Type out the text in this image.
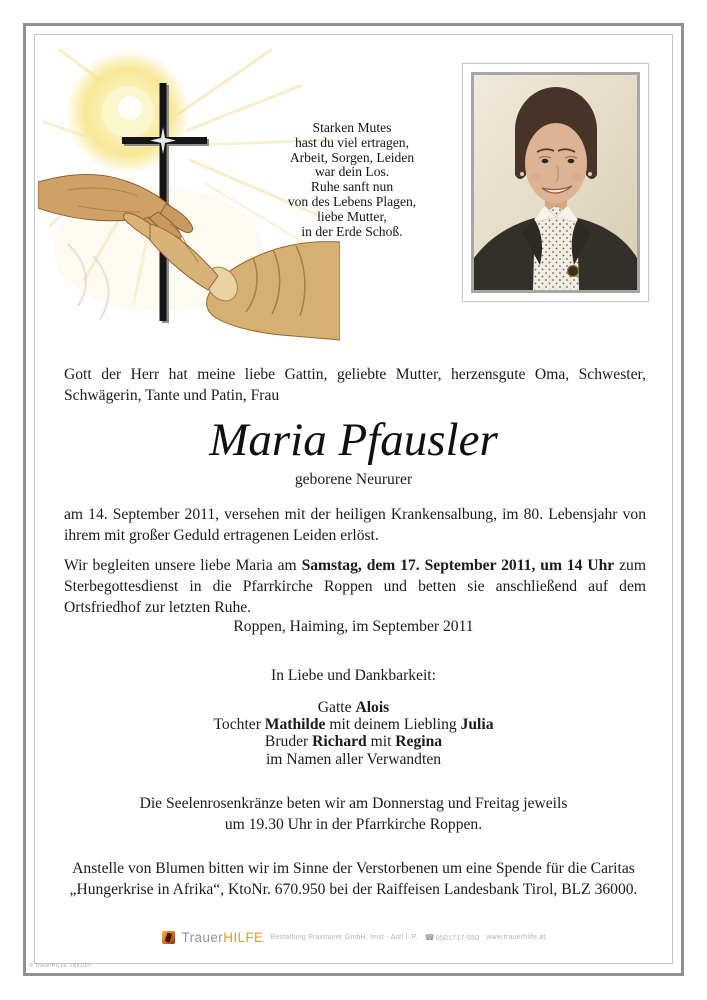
Starken Mutes
hast du viel ertragen,
Arbeit, Sorgen, Leiden
war dein Los.
Ruhe sanft nun
von des Lebens Plagen,
liebe Mutter,
in der Erde Schoß.

Gott der Herr hat meine liebe Gattin, geliebte Mutter, herzensgute Oma, Schwester, Schwägerin, Tante und Patin, Frau

Maria Pfausler
geborene Neururer

am 14. September 2011, versehen mit der heiligen Krankensalbung, im 80. Lebensjahr von ihrem mit großer Geduld ertragenen Leiden erlöst.

Wir begleiten unsere liebe Maria am Samstag, dem 17. September 2011, um 14 Uhr zum Sterbegottesdienst in die Pfarrkirche Roppen und betten sie anschließend auf dem Ortsfriedhof zur letzten Ruhe.

Roppen, Haiming, im September 2011
In Liebe und Dankbarkeit:
Gatte Alois
Tochter Mathilde mit deinem Liebling Julia
Bruder Richard mit Regina
im Namen aller Verwandten
Die Seelenrosenkränze beten wir am Donnerstag und Freitag jeweils
um 19.30 Uhr in der Pfarrkirche Roppen.
Anstelle von Blumen bitten wir im Sinne der Verstorbenen um eine Spende für die Caritas
„Hungerkrise in Afrika“, KtoNr. 670.950 bei der Raiffeisen Landesbank Tirol, BLZ 36000.
TrauerHILFE Bestattung Praxmarer GmbH, Imst - Arzl i. P. ☎0501717-550 www.trauerhilfe.at
© TrauerHILFE JN91007
